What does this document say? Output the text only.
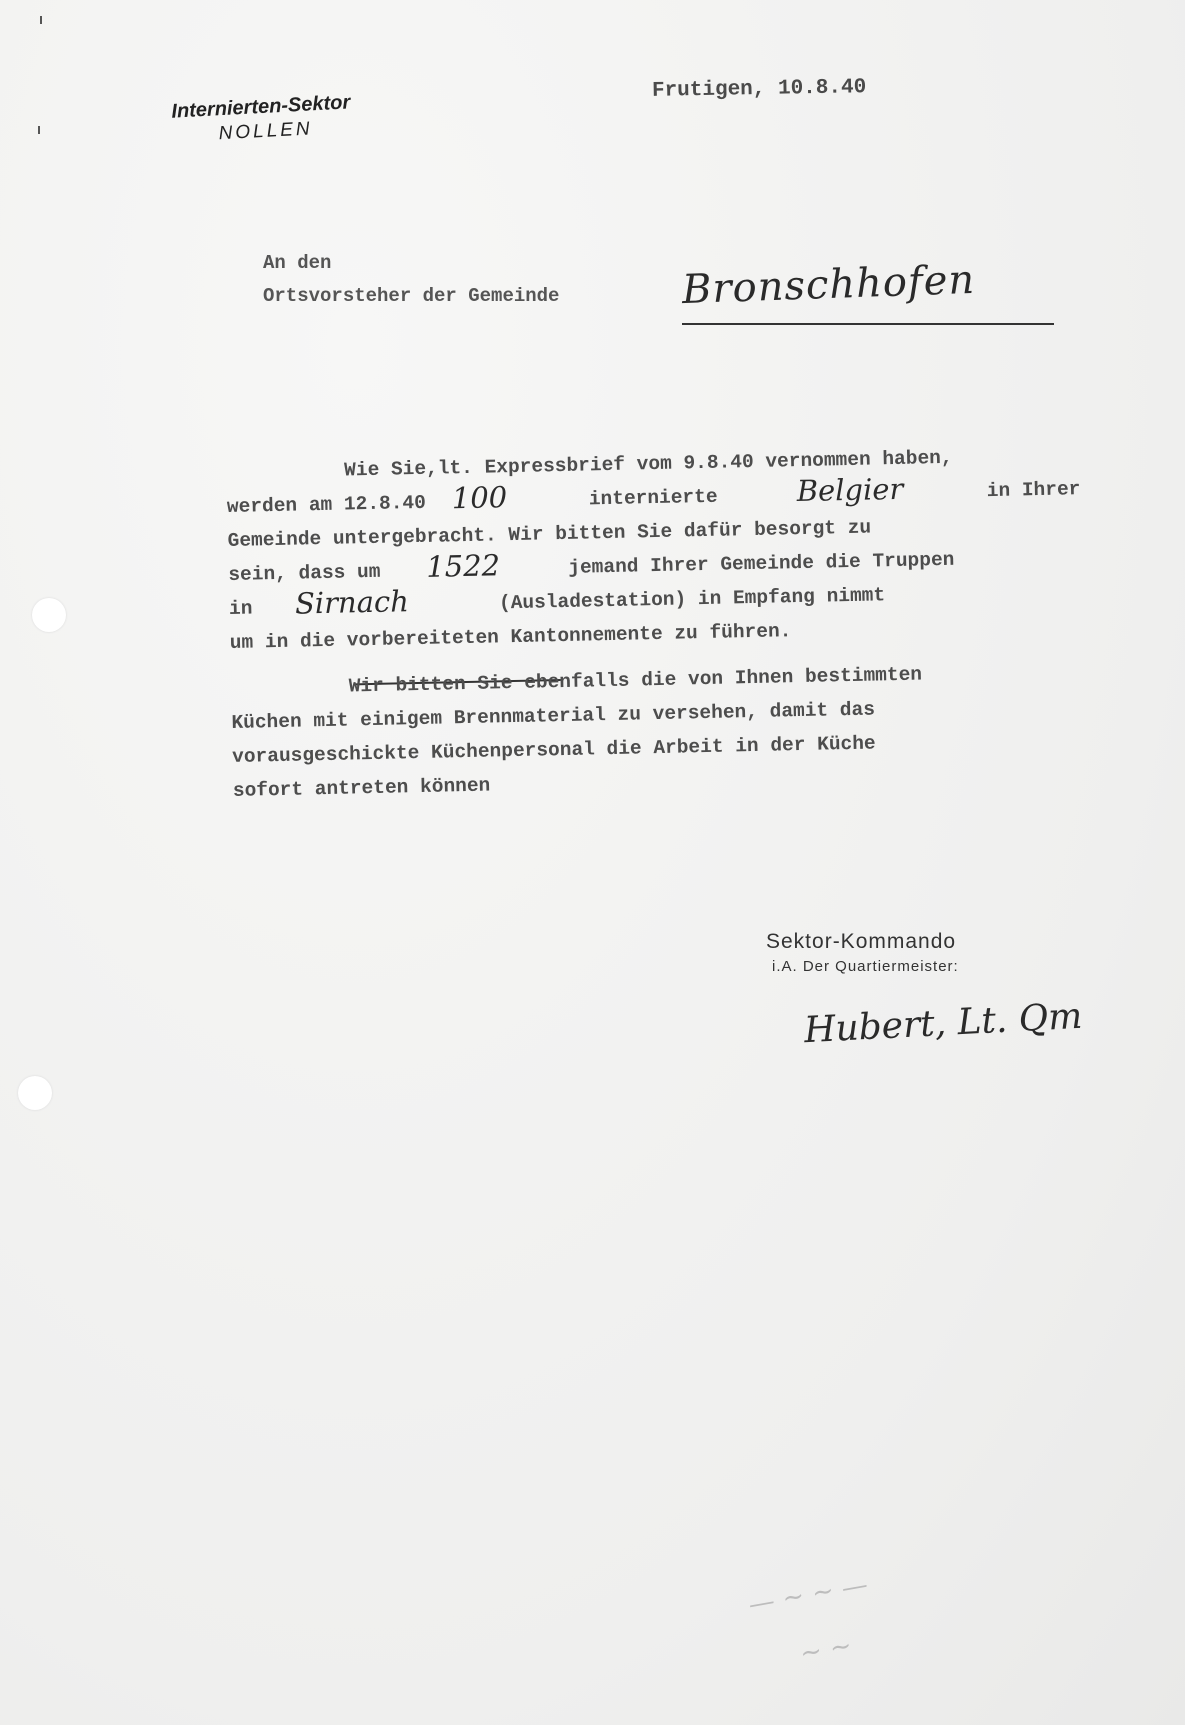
Internierten-Sektor
NOLLEN
Frutigen, 10.8.40
An den
Ortsvorsteher der Gemeinde	Bronschhofen
Wie Sie,lt. Expressbrief vom 9.8.40 vernommen haben,
werden am 12.8.40 100	internierte	Belgier	in Ihrer
Gemeinde untergebracht. Wir bitten Sie dafür besorgt zu
sein, dass um 1522	jemand Ihrer Gemeinde die Truppen
in Sirnach	(Ausladestation) in Empfang nimmt
um in die vorbereiteten Kantonnemente zu führen.
Wir bitten Sie ebenfalls die von Ihnen bestimmten
Küchen mit einigem Brennmaterial zu versehen, damit das
vorausgeschickte Küchenpersonal die Arbeit in der Küche
sofort antreten können
Sektor-Kommando
i.A. Der Quartiermeister:
Hubert, Lt. Qm
— ~ ~ —
~ ~
